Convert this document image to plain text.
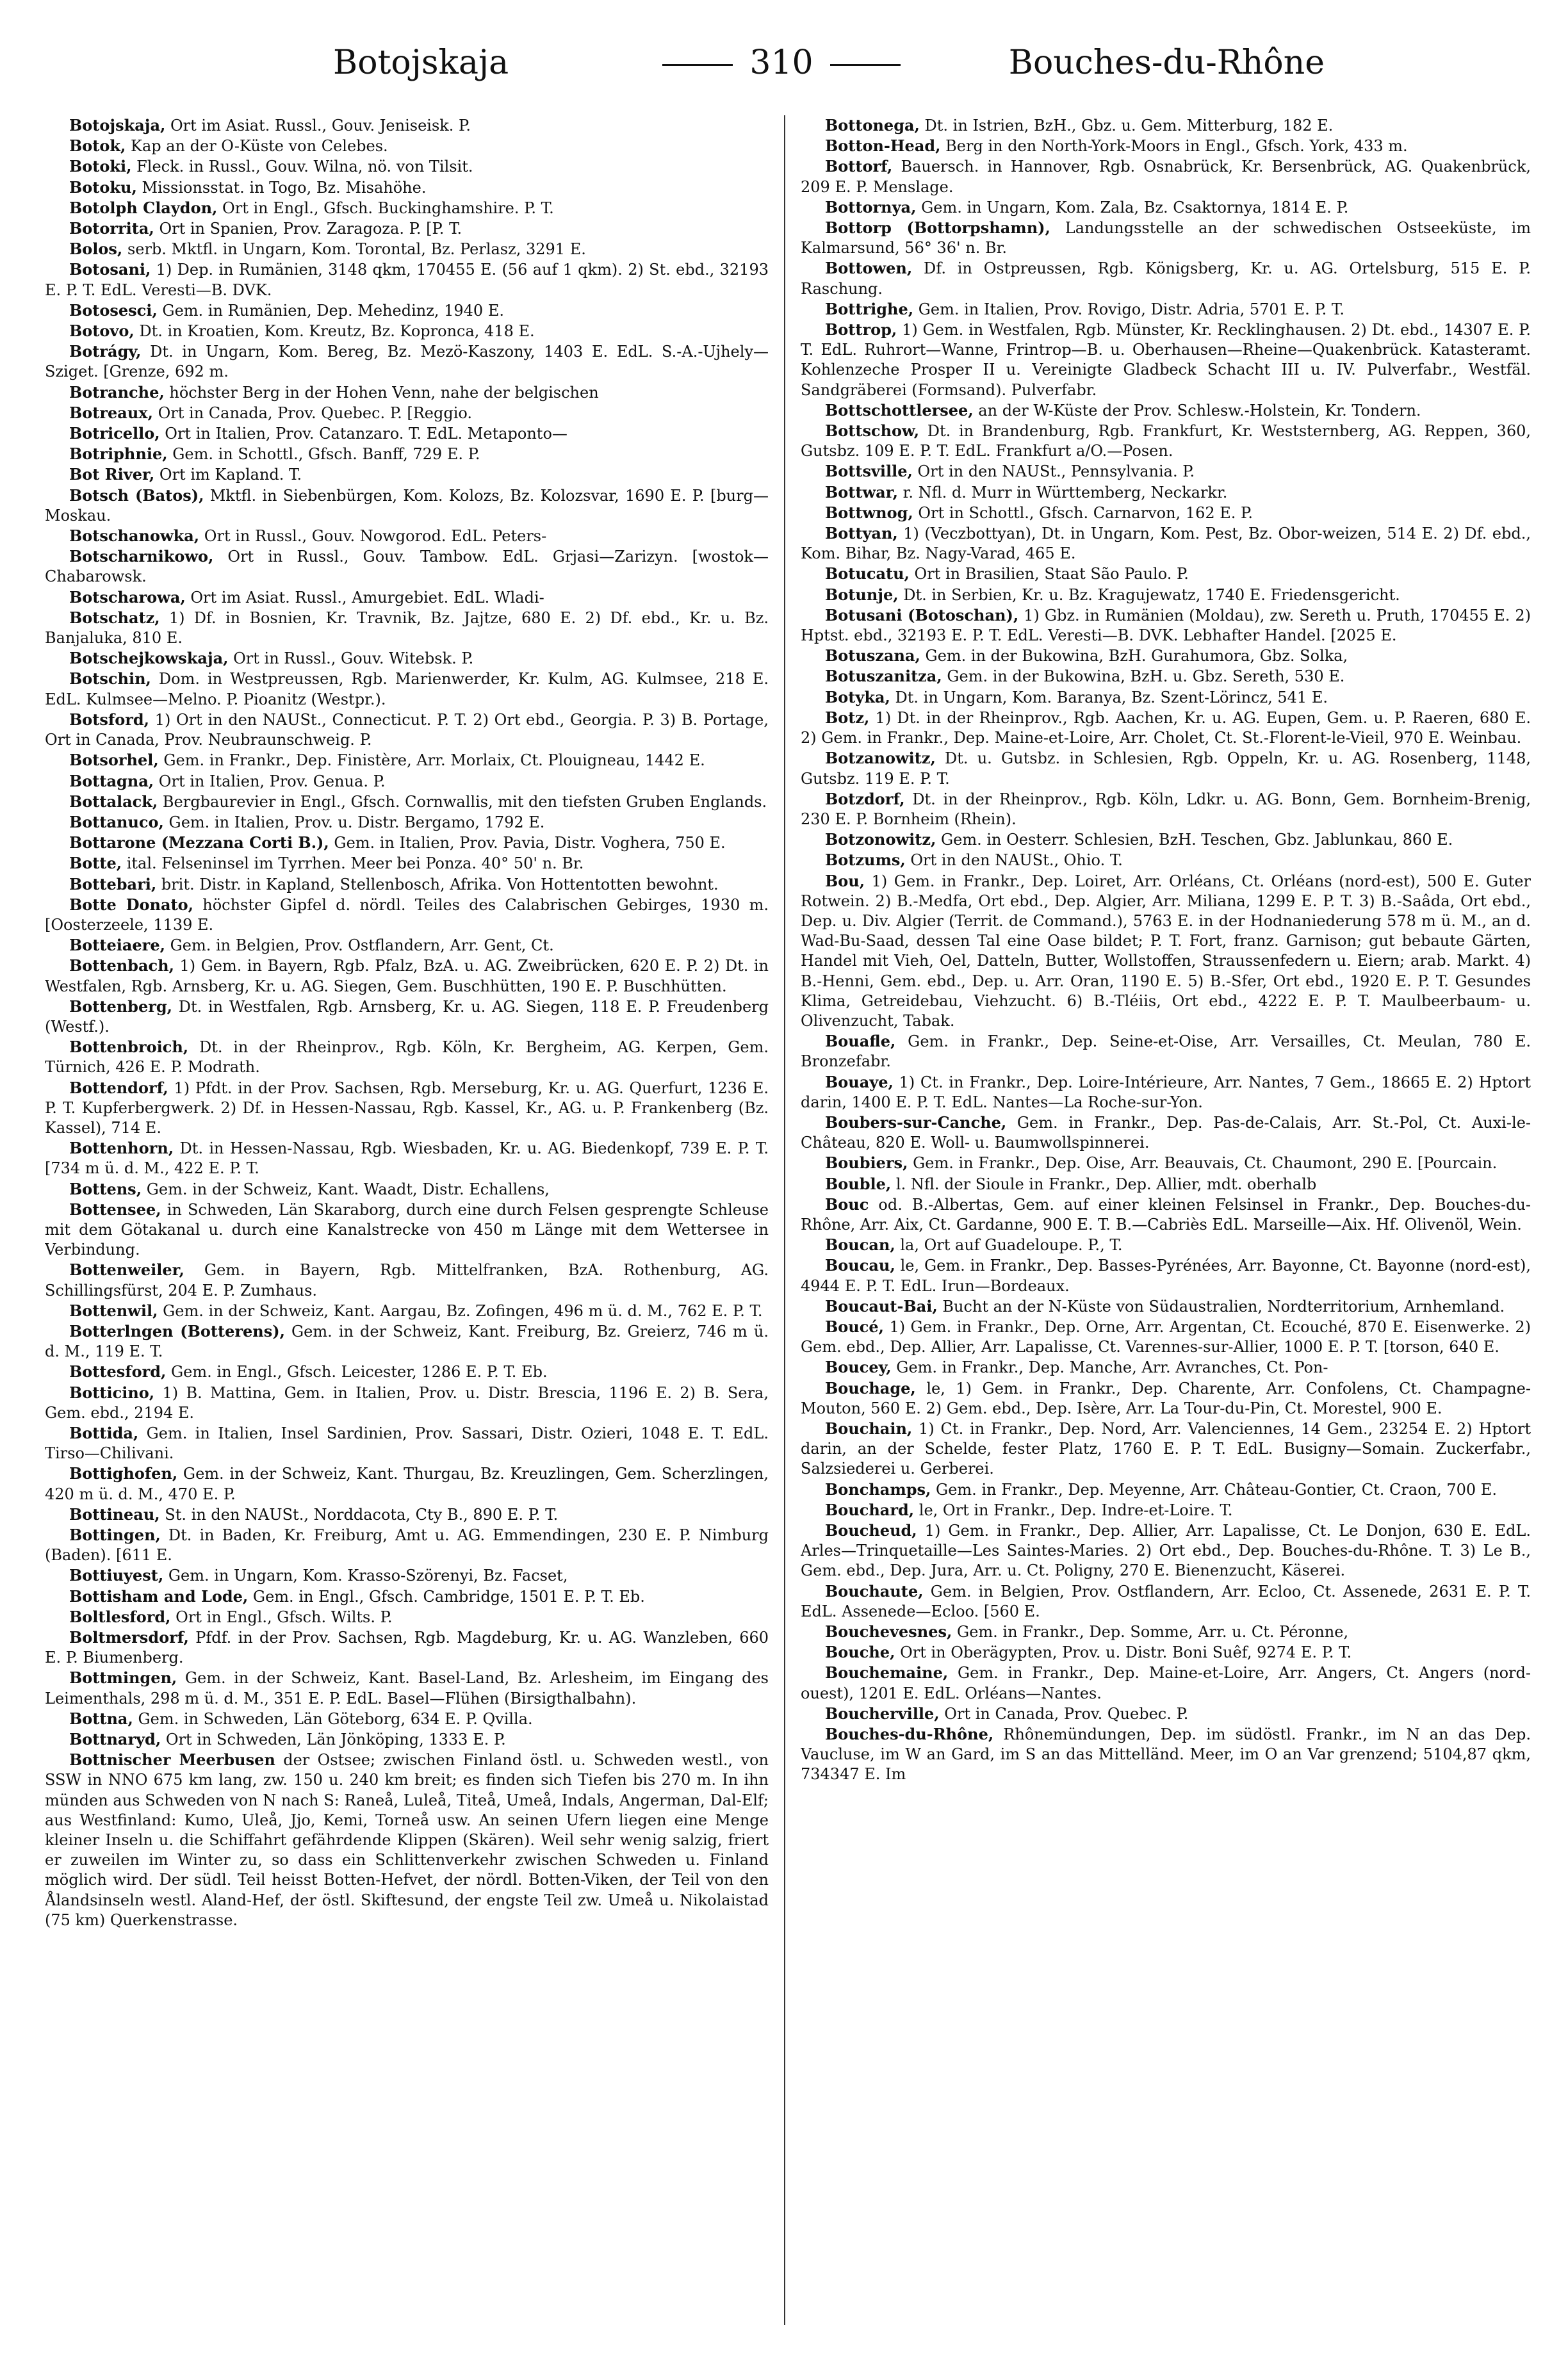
Botojskaja	310	Bouches-du-Rhône

Botojskaja, Ort im Asiat. Russl., Gouv. Jeniseisk. P.

Botok, Kap an der O-Küste von Celebes.

Botoki, Fleck. in Russl., Gouv. Wilna, nö. von Tilsit.

Botoku, Missionsstat. in Togo, Bz. Misahöhe.

Botolph Claydon, Ort in Engl., Gfsch. Buckinghamshire. P. T.

Botorrita, Ort in Spanien, Prov. Zaragoza. P. [P. T.

Bolos, serb. Mktfl. in Ungarn, Kom. Torontal, Bz. Perlasz, 3291 E.

Botosani, 1) Dep. in Rumänien, 3148 qkm, 170455 E. (56 auf 1 qkm). 2) St. ebd., 32193 E. P. T. EdL. Veresti—B. DVK.

Botosesci, Gem. in Rumänien, Dep. Mehedinz, 1940 E.

Botovo, Dt. in Kroatien, Kom. Kreutz, Bz. Kopronca, 418 E.

Botrágy, Dt. in Ungarn, Kom. Bereg, Bz. Mezö-Kaszony, 1403 E. EdL. S.-A.-Ujhely—Sziget. [Grenze, 692 m.

Botranche, höchster Berg in der Hohen Venn, nahe der belgischen

Botreaux, Ort in Canada, Prov. Quebec. P. [Reggio.

Botricello, Ort in Italien, Prov. Catanzaro. T. EdL. Metaponto—

Botriphnie, Gem. in Schottl., Gfsch. Banff, 729 E. P.

Bot River, Ort im Kapland. T.

Botsch (Batos), Mktfl. in Siebenbürgen, Kom. Kolozs, Bz. Kolozsvar, 1690 E. P. [burg—Moskau.

Botschanowka, Ort in Russl., Gouv. Nowgorod. EdL. Peters-

Botscharnikowo, Ort in Russl., Gouv. Tambow. EdL. Grjasi—Zarizyn. [wostok—Chabarowsk.

Botscharowa, Ort im Asiat. Russl., Amurgebiet. EdL. Wladi-

Botschatz, 1) Df. in Bosnien, Kr. Travnik, Bz. Jajtze, 680 E. 2) Df. ebd., Kr. u. Bz. Banjaluka, 810 E.

Botschejkowskaja, Ort in Russl., Gouv. Witebsk. P.

Botschin, Dom. in Westpreussen, Rgb. Marienwerder, Kr. Kulm, AG. Kulmsee, 218 E. EdL. Kulmsee—Melno. P. Pioanitz (Westpr.).

Botsford, 1) Ort in den NAUSt., Connecticut. P. T. 2) Ort ebd., Georgia. P. 3) B. Portage, Ort in Canada, Prov. Neubraunschweig. P.

Botsorhel, Gem. in Frankr., Dep. Finistère, Arr. Morlaix, Ct. Plouigneau, 1442 E.

Bottagna, Ort in Italien, Prov. Genua. P.

Bottalack, Bergbaurevier in Engl., Gfsch. Cornwallis, mit den tiefsten Gruben Englands.

Bottanuco, Gem. in Italien, Prov. u. Distr. Bergamo, 1792 E.

Bottarone (Mezzana Corti B.), Gem. in Italien, Prov. Pavia, Distr. Voghera, 750 E.

Botte, ital. Felseninsel im Tyrrhen. Meer bei Ponza. 40° 50' n. Br.

Bottebari, brit. Distr. in Kapland, Stellenbosch, Afrika. Von Hottentotten bewohnt.

Botte Donato, höchster Gipfel d. nördl. Teiles des Calabrischen Gebirges, 1930 m. [Oosterzeele, 1139 E.

Botteiaere, Gem. in Belgien, Prov. Ostflandern, Arr. Gent, Ct.

Bottenbach, 1) Gem. in Bayern, Rgb. Pfalz, BzA. u. AG. Zweibrücken, 620 E. P. 2) Dt. in Westfalen, Rgb. Arnsberg, Kr. u. AG. Siegen, Gem. Buschhütten, 190 E. P. Buschhütten.

Bottenberg, Dt. in Westfalen, Rgb. Arnsberg, Kr. u. AG. Siegen, 118 E. P. Freudenberg (Westf.).

Bottenbroich, Dt. in der Rheinprov., Rgb. Köln, Kr. Bergheim, AG. Kerpen, Gem. Türnich, 426 E. P. Modrath.

Bottendorf, 1) Pfdt. in der Prov. Sachsen, Rgb. Merseburg, Kr. u. AG. Querfurt, 1236 E. P. T. Kupferbergwerk. 2) Df. in Hessen-Nassau, Rgb. Kassel, Kr., AG. u. P. Frankenberg (Bz. Kassel), 714 E.

Bottenhorn, Dt. in Hessen-Nassau, Rgb. Wiesbaden, Kr. u. AG. Biedenkopf, 739 E. P. T. [734 m ü. d. M., 422 E. P. T.

Bottens, Gem. in der Schweiz, Kant. Waadt, Distr. Echallens,

Bottensee, in Schweden, Län Skaraborg, durch eine durch Felsen gesprengte Schleuse mit dem Götakanal u. durch eine Kanalstrecke von 450 m Länge mit dem Wettersee in Verbindung.

Bottenweiler, Gem. in Bayern, Rgb. Mittelfranken, BzA. Rothenburg, AG. Schillingsfürst, 204 E. P. Zumhaus.

Bottenwil, Gem. in der Schweiz, Kant. Aargau, Bz. Zofingen, 496 m ü. d. M., 762 E. P. T.

Botterlngen (Botterens), Gem. in der Schweiz, Kant. Freiburg, Bz. Greierz, 746 m ü. d. M., 119 E. T.

Bottesford, Gem. in Engl., Gfsch. Leicester, 1286 E. P. T. Eb.

Botticino, 1) B. Mattina, Gem. in Italien, Prov. u. Distr. Brescia, 1196 E. 2) B. Sera, Gem. ebd., 2194 E.

Bottida, Gem. in Italien, Insel Sardinien, Prov. Sassari, Distr. Ozieri, 1048 E. T. EdL. Tirso—Chilivani.

Bottighofen, Gem. in der Schweiz, Kant. Thurgau, Bz. Kreuzlingen, Gem. Scherzlingen, 420 m ü. d. M., 470 E. P.

Bottineau, St. in den NAUSt., Norddacota, Cty B., 890 E. P. T.

Bottingen, Dt. in Baden, Kr. Freiburg, Amt u. AG. Emmendingen, 230 E. P. Nimburg (Baden). [611 E.

Bottiuyest, Gem. in Ungarn, Kom. Krasso-Szörenyi, Bz. Facset,

Bottisham and Lode, Gem. in Engl., Gfsch. Cambridge, 1501 E. P. T. Eb.

Boltlesford, Ort in Engl., Gfsch. Wilts. P.

Boltmersdorf, Pfdf. in der Prov. Sachsen, Rgb. Magdeburg, Kr. u. AG. Wanzleben, 660 E. P. Biumenberg.

Bottmingen, Gem. in der Schweiz, Kant. Basel-Land, Bz. Arlesheim, im Eingang des Leimenthals, 298 m ü. d. M., 351 E. P. EdL. Basel—Flühen (Birsigthalbahn).

Bottna, Gem. in Schweden, Län Göteborg, 634 E. P. Qvilla.

Bottnaryd, Ort in Schweden, Län Jönköping, 1333 E. P.

Bottnischer Meerbusen der Ostsee; zwischen Finland östl. u. Schweden westl., von SSW in NNO 675 km lang, zw. 150 u. 240 km breit; es finden sich Tiefen bis 270 m. In ihn münden aus Schweden von N nach S: Raneå, Luleå, Titeå, Umeå, Indals, Angerman, Dal-Elf; aus Westfinland: Kumo, Uleå, Jjo, Kemi, Torneå usw. An seinen Ufern liegen eine Menge kleiner Inseln u. die Schiffahrt gefährdende Klippen (Skären). Weil sehr wenig salzig, friert er zuweilen im Winter zu, so dass ein Schlittenverkehr zwischen Schweden u. Finland möglich wird. Der südl. Teil heisst Botten-Hefvet, der nördl. Botten-Viken, der Teil von den Ålandsinseln westl. Aland-Hef, der östl. Skiftesund, der engste Teil zw. Umeå u. Nikolaistad (75 km) Querkenstrasse.

Bottonega, Dt. in Istrien, BzH., Gbz. u. Gem. Mitterburg, 182 E.

Botton-Head, Berg in den North-York-Moors in Engl., Gfsch. York, 433 m.

Bottorf, Bauersch. in Hannover, Rgb. Osnabrück, Kr. Bersenbrück, AG. Quakenbrück, 209 E. P. Menslage.

Bottornya, Gem. in Ungarn, Kom. Zala, Bz. Csaktornya, 1814 E. P.

Bottorp (Bottorpshamn), Landungsstelle an der schwedischen Ostseeküste, im Kalmarsund, 56° 36' n. Br.

Bottowen, Df. in Ostpreussen, Rgb. Königsberg, Kr. u. AG. Ortelsburg, 515 E. P. Raschung.

Bottrighe, Gem. in Italien, Prov. Rovigo, Distr. Adria, 5701 E. P. T.

Bottrop, 1) Gem. in Westfalen, Rgb. Münster, Kr. Recklinghausen. 2) Dt. ebd., 14307 E. P. T. EdL. Ruhrort—Wanne, Frintrop—B. u. Oberhausen—Rheine—Quakenbrück. Katasteramt. Kohlenzeche Prosper II u. Vereinigte Gladbeck Schacht III u. IV. Pulverfabr., Westfäl. Sandgräberei (Formsand). Pulverfabr.

Bottschottlersee, an der W-Küste der Prov. Schlesw.-Holstein, Kr. Tondern.

Bottschow, Dt. in Brandenburg, Rgb. Frankfurt, Kr. Weststernberg, AG. Reppen, 360, Gutsbz. 109 E. P. T. EdL. Frankfurt a/O.—Posen.

Bottsville, Ort in den NAUSt., Pennsylvania. P.

Bottwar, r. Nfl. d. Murr in Württemberg, Neckarkr.

Bottwnog, Ort in Schottl., Gfsch. Carnarvon, 162 E. P.

Bottyan, 1) (Veczbottyan), Dt. in Ungarn, Kom. Pest, Bz. Obor-weizen, 514 E. 2) Df. ebd., Kom. Bihar, Bz. Nagy-Varad, 465 E.

Botucatu, Ort in Brasilien, Staat São Paulo. P.

Botunje, Dt. in Serbien, Kr. u. Bz. Kragujewatz, 1740 E. Friedensgericht.

Botusani (Botoschan), 1) Gbz. in Rumänien (Moldau), zw. Sereth u. Pruth, 170455 E. 2) Hptst. ebd., 32193 E. P. T. EdL. Veresti—B. DVK. Lebhafter Handel. [2025 E.

Botuszana, Gem. in der Bukowina, BzH. Gurahumora, Gbz. Solka,

Botuszanitza, Gem. in der Bukowina, BzH. u. Gbz. Sereth, 530 E.

Botyka, Dt. in Ungarn, Kom. Baranya, Bz. Szent-Lörincz, 541 E.

Botz, 1) Dt. in der Rheinprov., Rgb. Aachen, Kr. u. AG. Eupen, Gem. u. P. Raeren, 680 E. 2) Gem. in Frankr., Dep. Maine-et-Loire, Arr. Cholet, Ct. St.-Florent-le-Vieil, 970 E. Weinbau.

Botzanowitz, Dt. u. Gutsbz. in Schlesien, Rgb. Oppeln, Kr. u. AG. Rosenberg, 1148, Gutsbz. 119 E. P. T.

Botzdorf, Dt. in der Rheinprov., Rgb. Köln, Ldkr. u. AG. Bonn, Gem. Bornheim-Brenig, 230 E. P. Bornheim (Rhein).

Botzonowitz, Gem. in Oesterr. Schlesien, BzH. Teschen, Gbz. Jablunkau, 860 E.

Botzums, Ort in den NAUSt., Ohio. T.

Bou, 1) Gem. in Frankr., Dep. Loiret, Arr. Orléans, Ct. Orléans (nord-est), 500 E. Guter Rotwein. 2) B.-Medfa, Ort ebd., Dep. Algier, Arr. Miliana, 1299 E. P. T. 3) B.-Saâda, Ort ebd., Dep. u. Div. Algier (Territ. de Command.), 5763 E. in der Hodnaniederung 578 m ü. M., an d. Wad-Bu-Saad, dessen Tal eine Oase bildet; P. T. Fort, franz. Garnison; gut bebaute Gärten, Handel mit Vieh, Oel, Datteln, Butter, Wollstoffen, Straussenfedern u. Eiern; arab. Markt. 4) B.-Henni, Gem. ebd., Dep. u. Arr. Oran, 1190 E. 5) B.-Sfer, Ort ebd., 1920 E. P. T. Gesundes Klima, Getreidebau, Viehzucht. 6) B.-Tléiis, Ort ebd., 4222 E. P. T. Maulbeerbaum- u. Olivenzucht, Tabak.

Bouafle, Gem. in Frankr., Dep. Seine-et-Oise, Arr. Versailles, Ct. Meulan, 780 E. Bronzefabr.

Bouaye, 1) Ct. in Frankr., Dep. Loire-Intérieure, Arr. Nantes, 7 Gem., 18665 E. 2) Hptort darin, 1400 E. P. T. EdL. Nantes—La Roche-sur-Yon.

Boubers-sur-Canche, Gem. in Frankr., Dep. Pas-de-Calais, Arr. St.-Pol, Ct. Auxi-le-Château, 820 E. Woll- u. Baumwollspinnerei.

Boubiers, Gem. in Frankr., Dep. Oise, Arr. Beauvais, Ct. Chaumont, 290 E. [Pourcain.

Bouble, l. Nfl. der Sioule in Frankr., Dep. Allier, mdt. oberhalb

Bouc od. B.-Albertas, Gem. auf einer kleinen Felsinsel in Frankr., Dep. Bouches-du-Rhône, Arr. Aix, Ct. Gardanne, 900 E. T. B.—Cabriès EdL. Marseille—Aix. Hf. Olivenöl, Wein.

Boucan, la, Ort auf Guadeloupe. P., T.

Boucau, le, Gem. in Frankr., Dep. Basses-Pyrénées, Arr. Bayonne, Ct. Bayonne (nord-est), 4944 E. P. T. EdL. Irun—Bordeaux.

Boucaut-Bai, Bucht an der N-Küste von Südaustralien, Nordterritorium, Arnhemland.

Boucé, 1) Gem. in Frankr., Dep. Orne, Arr. Argentan, Ct. Ecouché, 870 E. Eisenwerke. 2) Gem. ebd., Dep. Allier, Arr. Lapalisse, Ct. Varennes-sur-Allier, 1000 E. P. T. [torson, 640 E.

Boucey, Gem. in Frankr., Dep. Manche, Arr. Avranches, Ct. Pon-

Bouchage, le, 1) Gem. in Frankr., Dep. Charente, Arr. Confolens, Ct. Champagne-Mouton, 560 E. 2) Gem. ebd., Dep. Isère, Arr. La Tour-du-Pin, Ct. Morestel, 900 E.

Bouchain, 1) Ct. in Frankr., Dep. Nord, Arr. Valenciennes, 14 Gem., 23254 E. 2) Hptort darin, an der Schelde, fester Platz, 1760 E. P. T. EdL. Busigny—Somain. Zuckerfabr., Salzsiederei u. Gerberei.

Bonchamps, Gem. in Frankr., Dep. Meyenne, Arr. Château-Gontier, Ct. Craon, 700 E.

Bouchard, le, Ort in Frankr., Dep. Indre-et-Loire. T.

Boucheud, 1) Gem. in Frankr., Dep. Allier, Arr. Lapalisse, Ct. Le Donjon, 630 E. EdL. Arles—Trinquetaille—Les Saintes-Maries. 2) Ort ebd., Dep. Bouches-du-Rhône. T. 3) Le B., Gem. ebd., Dep. Jura, Arr. u. Ct. Poligny, 270 E. Bienenzucht, Käserei.

Bouchaute, Gem. in Belgien, Prov. Ostflandern, Arr. Ecloo, Ct. Assenede, 2631 E. P. T. EdL. Assenede—Ecloo. [560 E.

Bouchevesnes, Gem. in Frankr., Dep. Somme, Arr. u. Ct. Péronne,

Bouche, Ort in Oberägypten, Prov. u. Distr. Boni Suêf, 9274 E. P. T.

Bouchemaine, Gem. in Frankr., Dep. Maine-et-Loire, Arr. Angers, Ct. Angers (nord-ouest), 1201 E. EdL. Orléans—Nantes.

Boucherville, Ort in Canada, Prov. Quebec. P.

Bouches-du-Rhône, Rhônemündungen, Dep. im südöstl. Frankr., im N an das Dep. Vaucluse, im W an Gard, im S an das Mittelländ. Meer, im O an Var grenzend; 5104,87 qkm, 734347 E. Im
